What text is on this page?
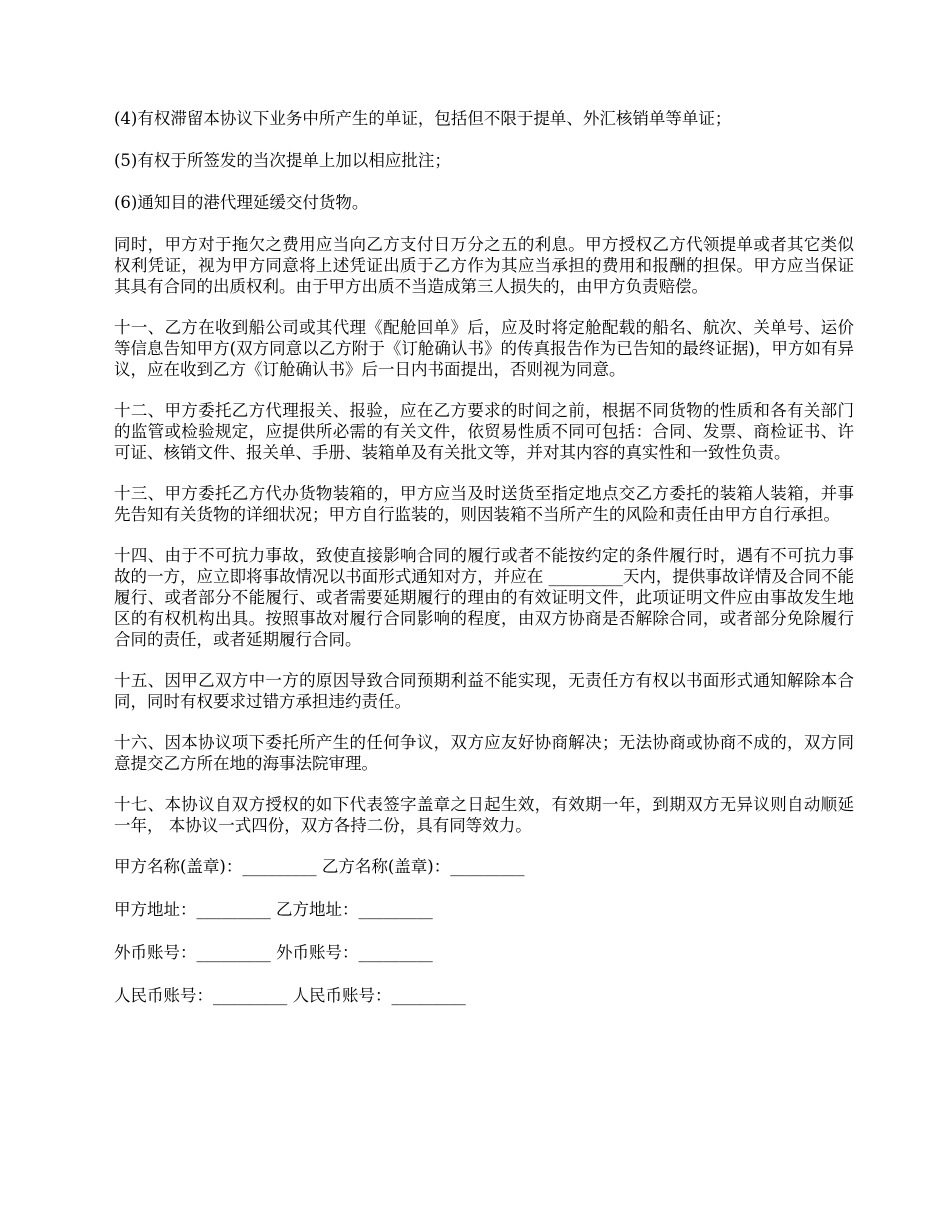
(4)有权滞留本协议下业务中所产生的单证，包括但不限于提单、外汇核销单等单证；

(5)有权于所签发的当次提单上加以相应批注；

(6)通知目的港代理延缓交付货物。

同时，甲方对于拖欠之费用应当向乙方支付日万分之五的利息。甲方授权乙方代领提单或者其它类似权利凭证，视为甲方同意将上述凭证出质于乙方作为其应当承担的费用和报酬的担保。甲方应当保证其具有合同的出质权利。由于甲方出质不当造成第三人损失的，由甲方负责赔偿。

十一、乙方在收到船公司或其代理《配舱回单》后，应及时将定舱配载的船名、航次、关单号、运价等信息告知甲方(双方同意以乙方附于《订舱确认书》的传真报告作为已告知的最终证据)，甲方如有异议，应在收到乙方《订舱确认书》后一日内书面提出，否则视为同意。

十二、甲方委托乙方代理报关、报验，应在乙方要求的时间之前，根据不同货物的性质和各有关部门的监管或检验规定，应提供所必需的有关文件，依贸易性质不同可包括：合同、发票、商检证书、许可证、核销文件、报关单、手册、装箱单及有关批文等，并对其内容的真实性和一致性负责。

十三、甲方委托乙方代办货物装箱的，甲方应当及时送货至指定地点交乙方委托的装箱人装箱，并事先告知有关货物的详细状况；甲方自行监装的，则因装箱不当所产生的风险和责任由甲方自行承担。

十四、由于不可抗力事故，致使直接影响合同的履行或者不能按约定的条件履行时，遇有不可抗力事故的一方，应立即将事故情况以书面形式通知对方，并应在 _________天内，提供事故详情及合同不能履行、或者部分不能履行、或者需要延期履行的理由的有效证明文件，此项证明文件应由事故发生地区的有权机构出具。按照事故对履行合同影响的程度，由双方协商是否解除合同，或者部分免除履行合同的责任，或者延期履行合同。

十五、因甲乙双方中一方的原因导致合同预期利益不能实现，无责任方有权以书面形式通知解除本合同，同时有权要求过错方承担违约责任。

十六、因本协议项下委托所产生的任何争议，双方应友好协商解决；无法协商或协商不成的，双方同意提交乙方所在地的海事法院审理。

十七、本协议自双方授权的如下代表签字盖章之日起生效，有效期一年，到期双方无异议则自动顺延一年， 本协议一式四份，双方各持二份，具有同等效力。

甲方名称(盖章)：_________ 乙方名称(盖章)：_________

甲方地址：_________ 乙方地址：_________

外币账号：_________ 外币账号：_________

人民币账号：_________ 人民币账号：_________
